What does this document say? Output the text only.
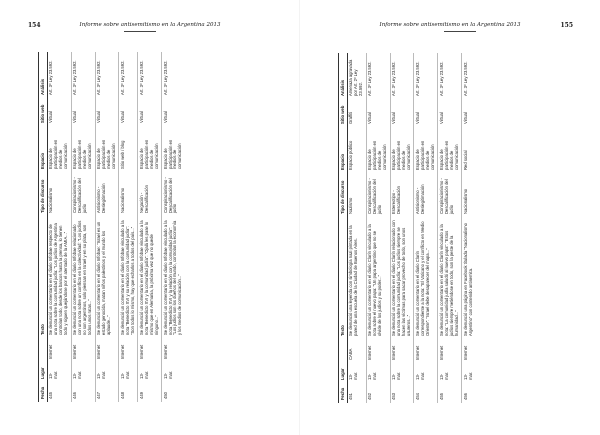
154	Informe sobre antisemitismo en la Argentina 2013
Fecha	Lugar		Texto	Tipo de discurso	Espacio	Sitio web	Análisis
445	13-mar.	Internet	Se denunció un comentario en el diario Infobae respecto de una nota sobre la comunidad judía: "Los judíos de Argentina controlan todo, desde los bancos hasta la prensa, lo tienen todo y siguen quejándose por el atentado de la AMIA..."	Nacionalismo	Espacio de participación en medios de comunicación	Virtual	Art. 3º Ley 23.592.
446	13-mar.	Internet	Se denunció un comentario en el diario Infobae relacionado con una nota sobre un conflicto en la colectividad: "Los judíos no son argentinos, solo piensan en Israel y en su plata, son todos unos ratas..."	Conspiracionismo - Descalificación del judío	Espacio de participación en medios de comunicación	Virtual	Art. 3º Ley 23.592.
447	13-mar.	Internet	Se denunció un comentario en el diario Infobae: "Israel es un estado genocida, matan niños palestinos y el mundo los aplaude..."	Antisionismo - Deslegitimación	Espacio de participación en medios de comunicación	Virtual	Art. 3º Ley 23.592.
448	13-mar.	Internet	Se denunció un comentario en el diario Infobae vinculado a la nota "Benedicto XVI y su relación con la comunidad judía": "Son todos lo mismo, hay que echarlos a todos del país..."	Nacionalismo	Sitio web / blog	Virtual	Art. 3º Ley 23.592.
449	13-mar.	Internet	Se denunció un comentario en el diario Infobae vinculado a la nota "Benedicto XVI y la comunidad judía": "Ojalá les pase lo mismo que en Alemania, la próxima vez que no quede ninguno..."	Negación - Descalificación	Espacio de participación en medios de comunicación	Virtual	Art. 3º Ley 23.592.
450	13-mar.	Internet	Se denunció un comentario en el diario Infobae vinculado a la nota "Benedicto XVI y la relación con la comunidad judía": "Los judíos son los dueños del mundo, controlan la economía y los medios de comunicación..."	Conspiracionismo - Descalificación del judío	Espacio de participación en medios de comunicación	Virtual	Art. 3º Ley 23.592.
Informe sobre antisemitismo en la Argentina 2013	155
Fecha	Lugar		Texto	Tipo de discurso	Espacio	Sitio web	Análisis
451	13-mar.	CABA	Se denunció una leyenda con simbología nazi pintada en la pared de una escuela de la Ciudad de Buenos Aires.	Nazismo	Espacio público	Graffiti	Amenaza agravada por Art. 2º Ley 23.592.
452	13-mar.	Internet	Se denunció un comentario en el diario Clarín vinculado a la nota sobre el nuevo papa: "Un papa argentino que no se olvide de los judíos y su poder..."	Conspiracionismo - Descalificación del judío	Espacio de participación en medios de comunicación	Virtual	Art. 3º Ley 23.592.
453	13-mar.	Internet	Se denunció un comentario en el diario Clarín relacionado con una nota sobre la comunidad judía: "Los judíos siempre se hacen las víctimas para sacar provecho de todo, son unos usureros..."	Estereotipo - Descalificación	Espacio de participación en medios de comunicación	Virtual	Art. 3º Ley 23.592.
454	13-mar.	Internet	Se denunció un comentario en el diario Clarín correspondiente a la nota: "El Vaticano y el conflicto en Medio Oriente": "Israel debe desaparecer del mapa..."	Antisionismo - Deslegitimación	Espacio de participación en medios de comunicación	Virtual	Art. 3º Ley 23.592.
455	13-mar.	Internet	Se denunció un comentario en el diario Clarín vinculado a la nota: "La comunidad judía saludó al nuevo papa": "Estos judíos siempre metiéndose en todo, son la peste de la humanidad..."	Conspiracionismo - Descalificación del judío	Espacio de participación en medios de comunicación	Virtual	Art. 3º Ley 23.592.
456	13-mar.	Internet	Se denunció una página en Facebook titulada "Nacionalismo Argentino" con contenido antisemita.	Nacionalismo	Red social	Virtual	Art. 3º Ley 23.592.
